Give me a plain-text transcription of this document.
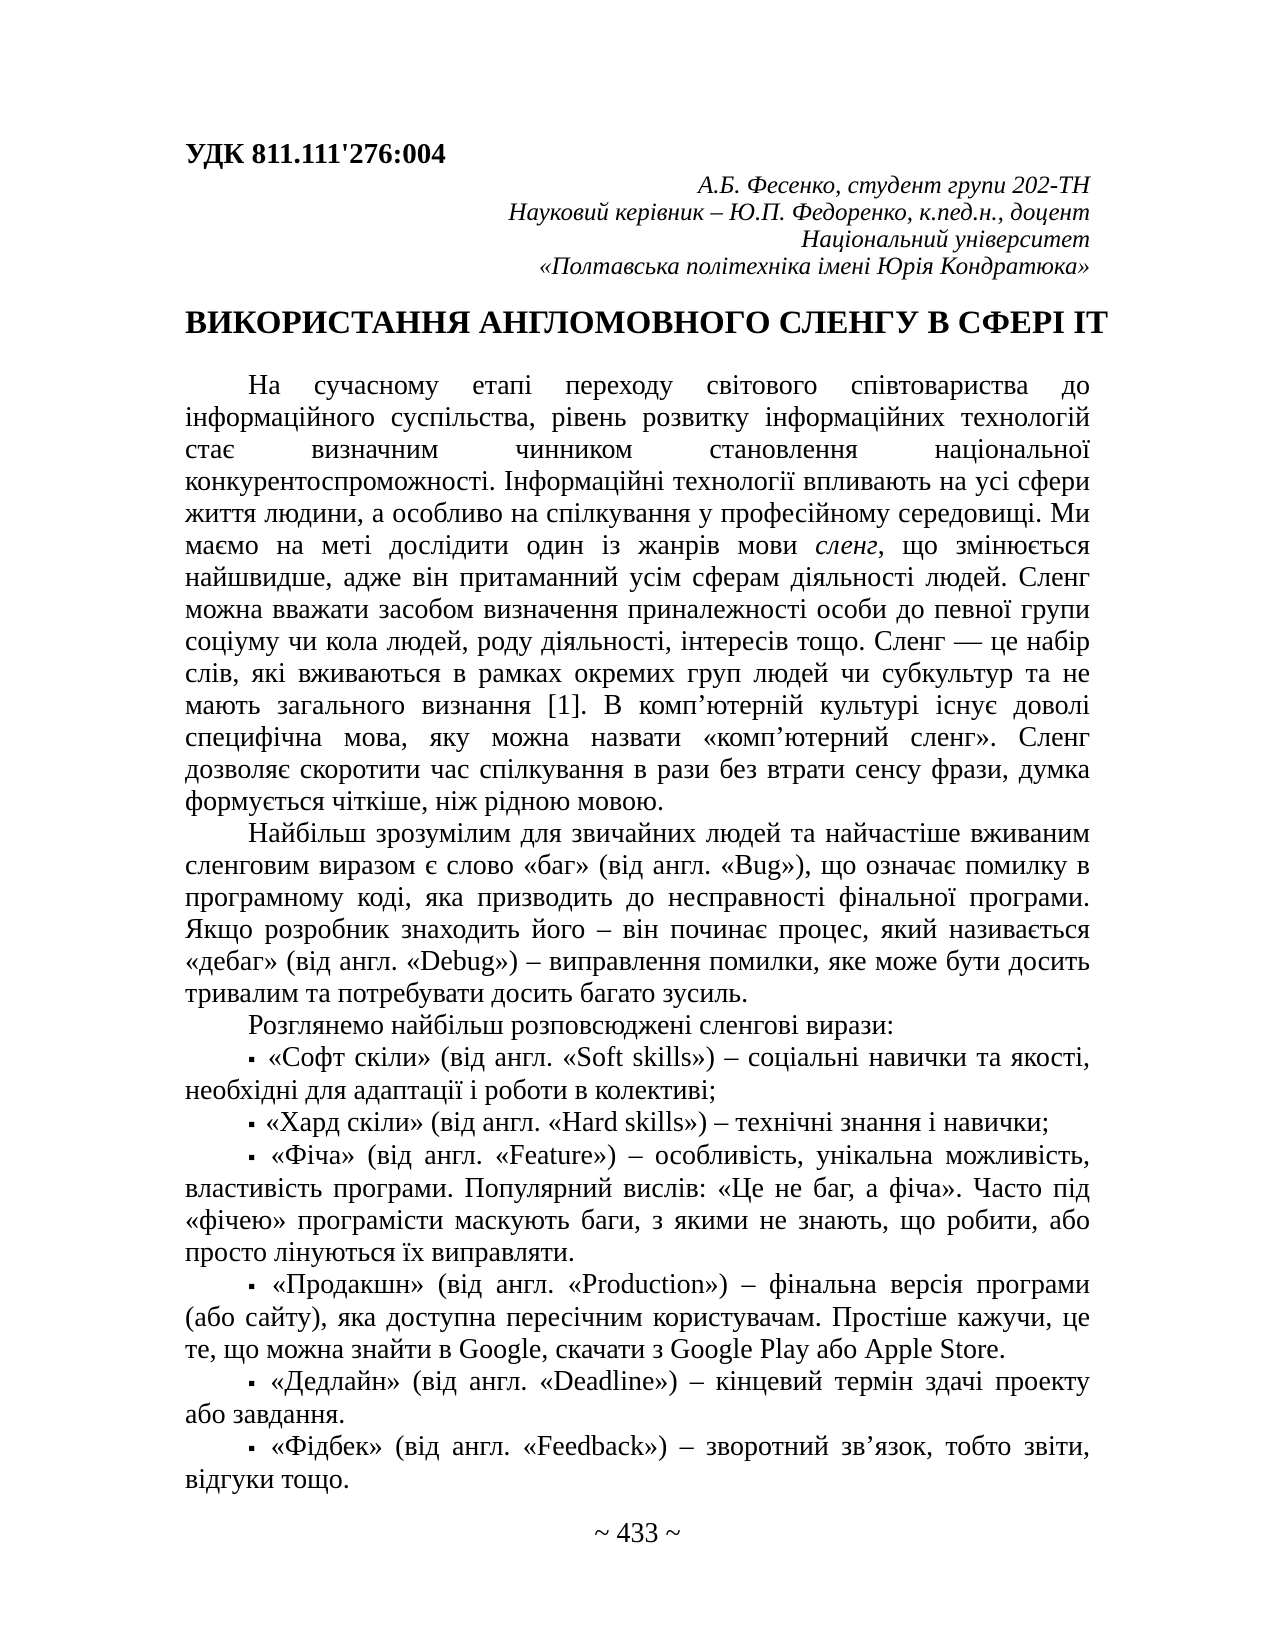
УДК 811.111'276:004

А.Б. Фесенко, студент групи 202-ТН
Науковий керівник – Ю.П. Федоренко, к.пед.н., доцент
Національний університет
«Полтавська політехніка імені Юрія Кондратюка»
ВИКОРИСТАННЯ АНГЛОМОВНОГО СЛЕНГУ В СФЕРІ ІТ

На сучасному етапі переходу світового співтовариства до інформаційного суспільства, рівень розвитку інформаційних технологій стає визначним чинником становлення національної конкурентоспроможності. Інформаційні технології впливають на усі сфери життя людини, а особливо на спілкування у професійному середовищі. Ми маємо на меті дослідити один із жанрів мови сленг, що змінюється найшвидше, адже він притаманний усім сферам діяльності людей. Сленг можна вважати засобом визначення приналежності особи до певної групи соціуму чи кола людей, роду діяльності, інтересів тощо. Сленг — це набір слів, які вживаються в рамках окремих груп людей чи субкультур та не мають загального визнання [1]. В комп’ютерній культурі існує доволі специфічна мова, яку можна назвати «комп’ютерний сленг». Сленг дозволяє скоротити час спілкування в рази без втрати сенсу фрази, думка формується чіткіше, ніж рідною мовою.

Найбільш зрозумілим для звичайних людей та найчастіше вживаним сленговим виразом є слово «баг» (від англ. «Bug»), що означає помилку в програмному коді, яка призводить до несправності фінальної програми. Якщо розробник знаходить його – він починає процес, який називається «дебаг» (від англ. «Debug») – виправлення помилки, яке може бути досить тривалим та потребувати досить багато зусиль.

Розглянемо найбільш розповсюджені сленгові вирази:

▪ «Софт скіли» (від англ. «Soft skills») – соціальні навички та якості, необхідні для адаптації і роботи в колективі;

▪ «Хард скіли» (від англ. «Hard skills») – технічні знання і навички;

▪ «Фіча» (від англ. «Feature») – особливість, унікальна можливість, властивість програми. Популярний вислів: «Це не баг, а фіча». Часто під «фічею» програмісти маскують баги, з якими не знають, що робити, або просто лінуються їх виправляти.

▪ «Продакшн» (від англ. «Production») – фінальна версія програми (або сайту), яка доступна пересічним користувачам. Простіше кажучи, це те, що можна знайти в Google, скачати з Google Play або Apple Store.

▪ «Дедлайн» (від англ. «Deadline») – кінцевий термін здачі проекту або завдання.

▪ «Фідбек» (від англ. «Feedback») – зворотний зв’язок, тобто звіти, відгуки тощо.

~ 433 ~
